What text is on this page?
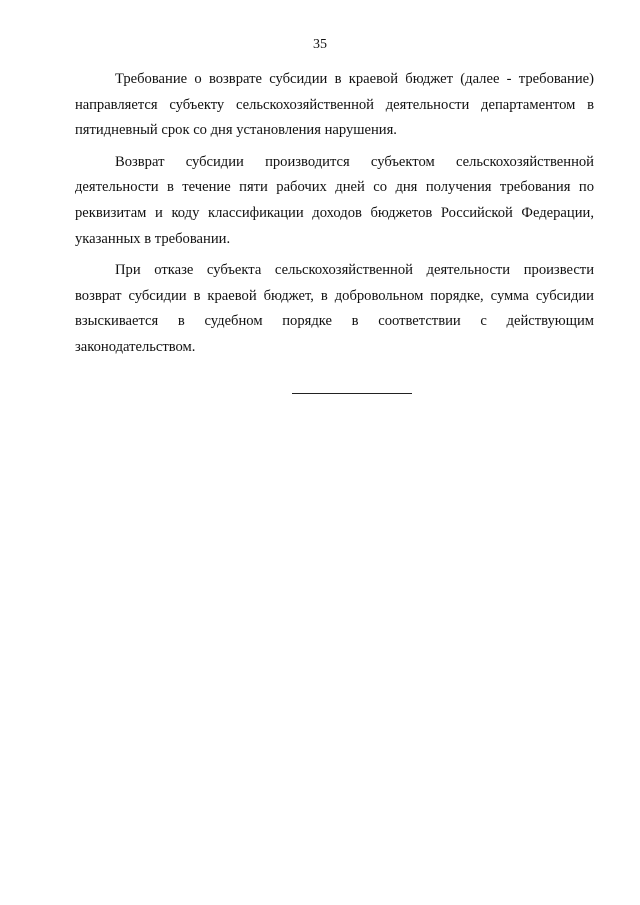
35

Требование о возврате субсидии в краевой бюджет (далее - требование) направляется субъекту сельскохозяйственной деятельности департаментом в пятидневный срок со дня установления нарушения.

Возврат субсидии производится субъектом сельскохозяйственной деятельности в течение пяти рабочих дней со дня получения требования по реквизитам и коду классификации доходов бюджетов Российской Федерации, указанных в требовании.

При отказе субъекта сельскохозяйственной деятельности произвести возврат субсидии в краевой бюджет, в добровольном порядке, сумма субсидии взыскивается в судебном порядке в соответствии с действующим законодательством.
